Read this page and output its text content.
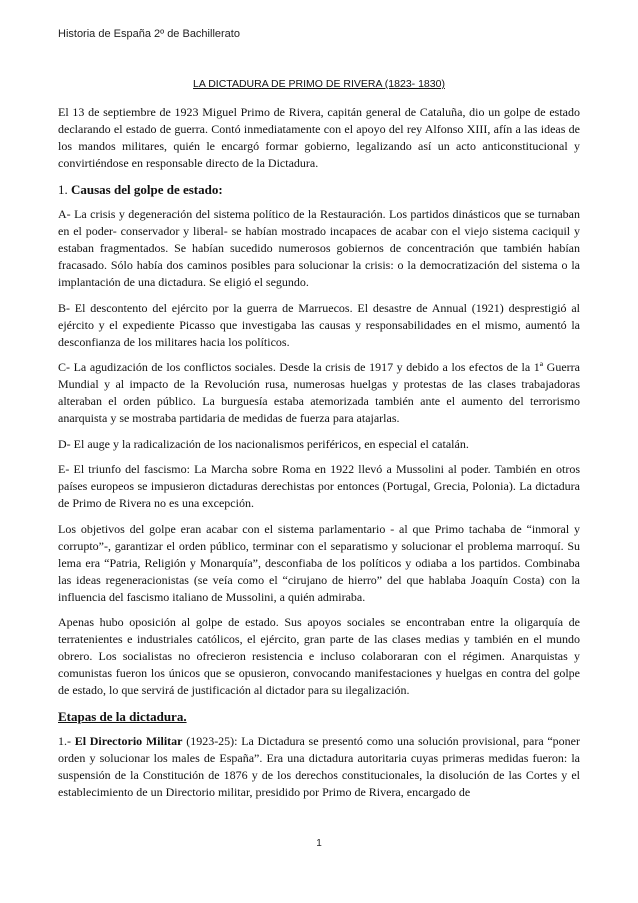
Historia de España 2º de Bachillerato
LA DICTADURA DE PRIMO DE RIVERA (1823- 1830)

El 13 de septiembre de 1923 Miguel Primo de Rivera, capitán general de Cataluña, dio un golpe de estado declarando el estado de guerra. Contó inmediatamente con el apoyo del rey Alfonso XIII, afín a las ideas de los mandos militares, quién le encargó formar gobierno, legalizando así un acto anticonstitucional y convirtiéndose en responsable directo de la Dictadura.

1. Causas del golpe de estado:

A- La crisis y degeneración del sistema político de la Restauración. Los partidos dinásticos que se turnaban en el poder- conservador y liberal- se habían mostrado incapaces de acabar con el viejo sistema caciquil y estaban fragmentados. Se habían sucedido numerosos gobiernos de concentración que también habían fracasado. Sólo había dos caminos posibles para solucionar la crisis: o la democratización del sistema o la implantación de una dictadura. Se eligió el segundo.

B- El descontento del ejército por la guerra de Marruecos. El desastre de Annual (1921) desprestigió al ejército y el expediente Picasso que investigaba las causas y responsabilidades en el mismo, aumentó la desconfianza de los militares hacia los políticos.

C- La agudización de los conflictos sociales. Desde la crisis de 1917 y debido a los efectos de la 1ª Guerra Mundial y al impacto de la Revolución rusa, numerosas huelgas y protestas de las clases trabajadoras alteraban el orden público. La burguesía estaba atemorizada también ante el aumento del terrorismo anarquista y se mostraba partidaria de medidas de fuerza para atajarlas.

D- El auge y la radicalización de los nacionalismos periféricos, en especial el catalán.

E- El triunfo del fascismo: La Marcha sobre Roma en 1922 llevó a Mussolini al poder. También en otros países europeos se impusieron dictaduras derechistas por entonces (Portugal, Grecia, Polonia). La dictadura de Primo de Rivera no es una excepción.

Los objetivos del golpe eran acabar con el sistema parlamentario - al que Primo tachaba de “inmoral y corrupto”-, garantizar el orden público, terminar con el separatismo y solucionar el problema marroquí. Su lema era “Patria, Religión y Monarquía”, desconfiaba de los políticos y odiaba a los partidos. Combinaba las ideas regeneracionistas (se veía como el “cirujano de hierro” del que hablaba Joaquín Costa) con la influencia del fascismo italiano de Mussolini, a quién admiraba.

Apenas hubo oposición al golpe de estado. Sus apoyos sociales se encontraban entre la oligarquía de terratenientes e industriales católicos, el ejército, gran parte de las clases medias y también en el mundo obrero. Los socialistas no ofrecieron resistencia e incluso colaboraran con el régimen. Anarquistas y comunistas fueron los únicos que se opusieron, convocando manifestaciones y huelgas en contra del golpe de estado, lo que servirá de justificación al dictador para su ilegalización.

Etapas de la dictadura.

1.- El Directorio Militar (1923-25): La Dictadura se presentó como una solución provisional, para “poner orden y solucionar los males de España”. Era una dictadura autoritaria cuyas primeras medidas fueron: la suspensión de la Constitución de 1876 y de los derechos constitucionales, la disolución de las Cortes y el establecimiento de un Directorio militar, presidido por Primo de Rivera, encargado de

1
